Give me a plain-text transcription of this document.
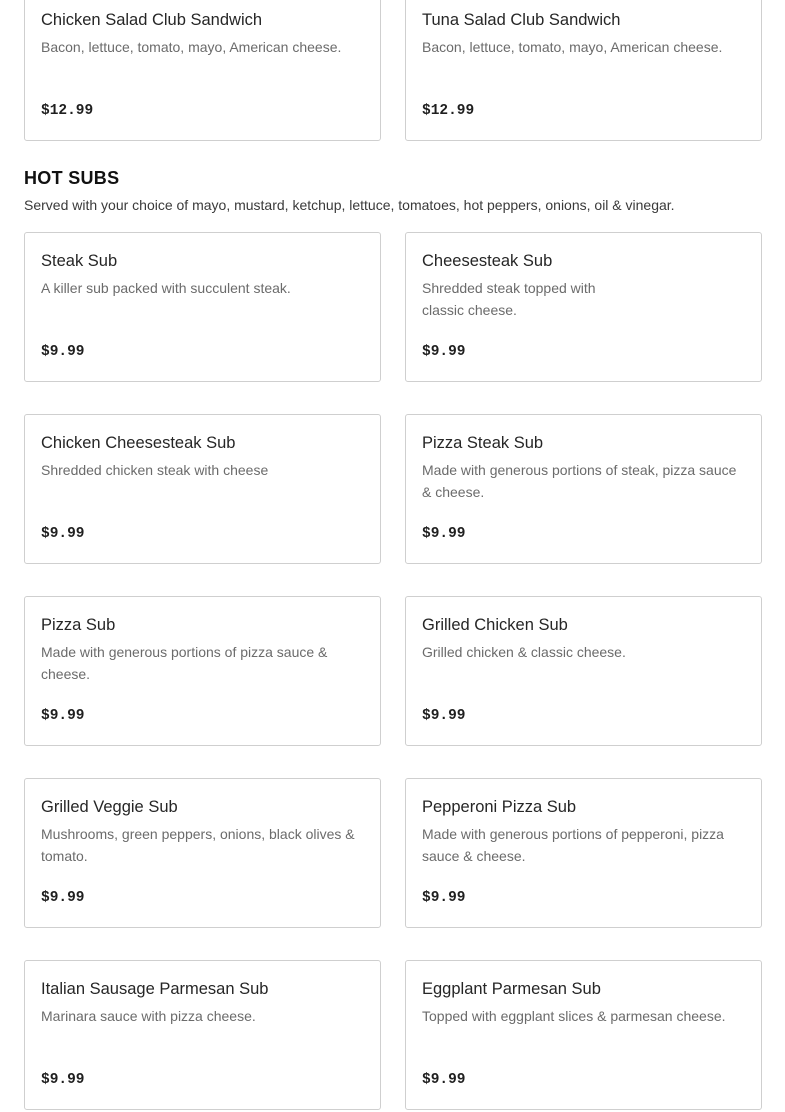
Chicken Salad Club Sandwich
Bacon, lettuce, tomato, mayo, American cheese.
$12.99
Tuna Salad Club Sandwich
Bacon, lettuce, tomato, mayo, American cheese.
$12.99
HOT SUBS
Served with your choice of mayo, mustard, ketchup, lettuce, tomatoes, hot peppers, onions, oil & vinegar.
Steak Sub
A killer sub packed with succulent steak.
$9.99
Cheesesteak Sub
Shredded steak topped with classic cheese.
$9.99
Chicken Cheesesteak Sub
Shredded chicken steak with cheese
$9.99
Pizza Steak Sub
Made with generous portions of steak, pizza sauce & cheese.
$9.99
Pizza Sub
Made with generous portions of pizza sauce & cheese.
$9.99
Grilled Chicken Sub
Grilled chicken & classic cheese.
$9.99
Grilled Veggie Sub
Mushrooms, green peppers, onions, black olives & tomato.
$9.99
Pepperoni Pizza Sub
Made with generous portions of pepperoni, pizza sauce & cheese.
$9.99
Italian Sausage Parmesan Sub
Marinara sauce with pizza cheese.
$9.99
Eggplant Parmesan Sub
Topped with eggplant slices & parmesan cheese.
$9.99
